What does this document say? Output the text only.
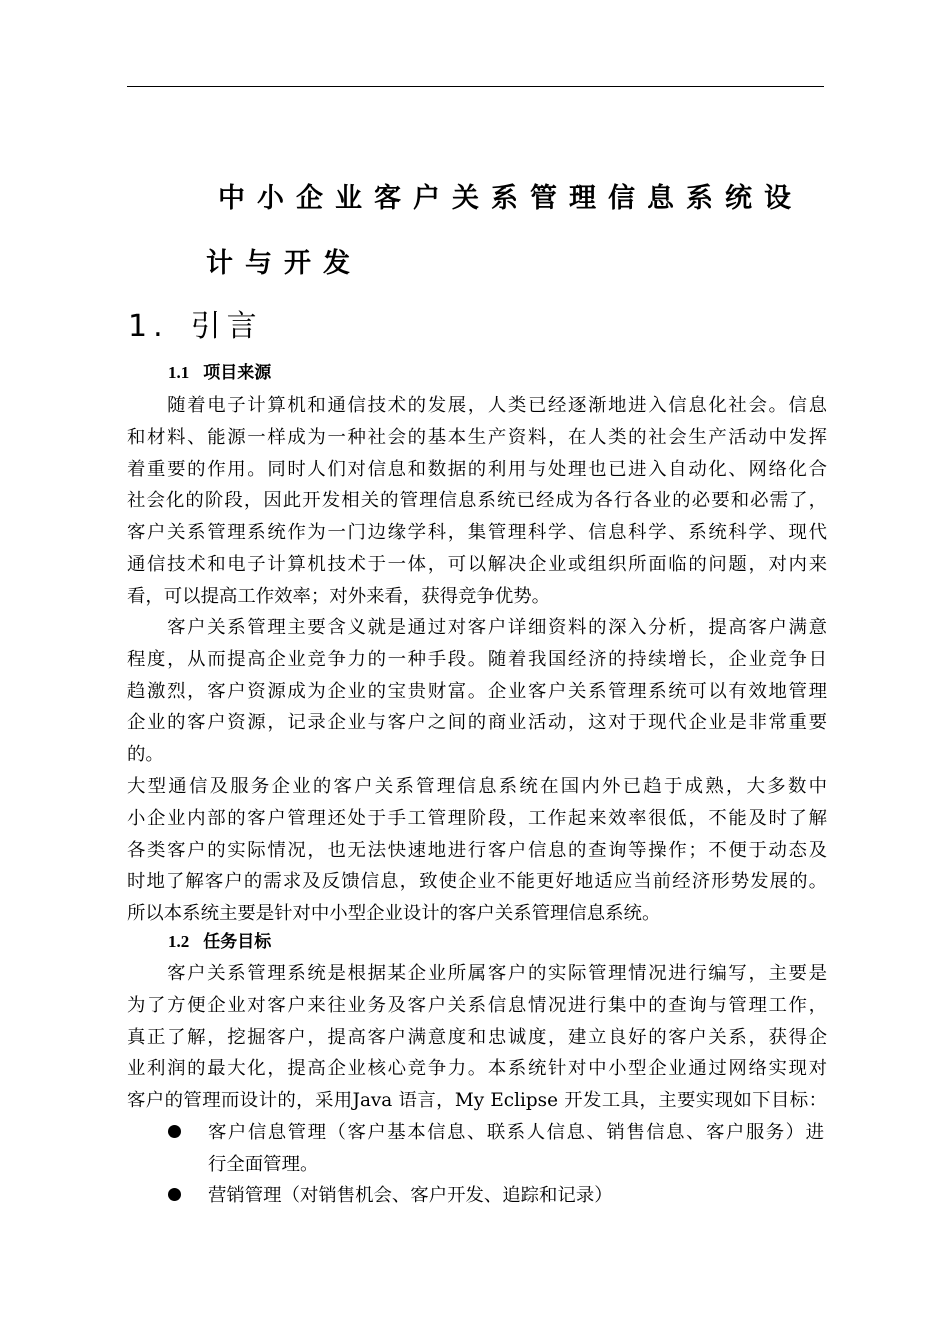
中小企业客户关系管理信息系统设
计与开发
1. 引言
1.1 项目来源
　　随着电子计算机和通信技术的发展，人类已经逐渐地进入信息化社会。信息
和材料、能源一样成为一种社会的基本生产资料，在人类的社会生产活动中发挥
着重要的作用。同时人们对信息和数据的利用与处理也已进入自动化、网络化合
社会化的阶段，因此开发相关的管理信息系统已经成为各行各业的必要和必需了，
客户关系管理系统作为一门边缘学科，集管理科学、信息科学、系统科学、现代
通信技术和电子计算机技术于一体，可以解决企业或组织所面临的问题，对内来
看，可以提高工作效率；对外来看，获得竞争优势。
　　客户关系管理主要含义就是通过对客户详细资料的深入分析，提高客户满意
程度，从而提高企业竞争力的一种手段。随着我国经济的持续增长，企业竞争日
趋激烈，客户资源成为企业的宝贵财富。企业客户关系管理系统可以有效地管理
企业的客户资源，记录企业与客户之间的商业活动，这对于现代企业是非常重要
的。
大型通信及服务企业的客户关系管理信息系统在国内外已趋于成熟，大多数中
小企业内部的客户管理还处于手工管理阶段，工作起来效率很低，不能及时了解
各类客户的实际情况，也无法快速地进行客户信息的查询等操作；不便于动态及
时地了解客户的需求及反馈信息，致使企业不能更好地适应当前经济形势发展的。
所以本系统主要是针对中小型企业设计的客户关系管理信息系统。
1.2 任务目标
　　客户关系管理系统是根据某企业所属客户的实际管理情况进行编写，主要是
为了方便企业对客户来往业务及客户关系信息情况进行集中的查询与管理工作，
真正了解，挖掘客户，提高客户满意度和忠诚度，建立良好的客户关系，获得企
业利润的最大化，提高企业核心竞争力。本系统针对中小型企业通过网络实现对
客户的管理而设计的，采用Java 语言，My Eclipse 开发工具，主要实现如下目标：
客户信息管理（客户基本信息、联系人信息、销售信息、客户服务）进
行全面管理。
营销管理（对销售机会、客户开发、追踪和记录）
